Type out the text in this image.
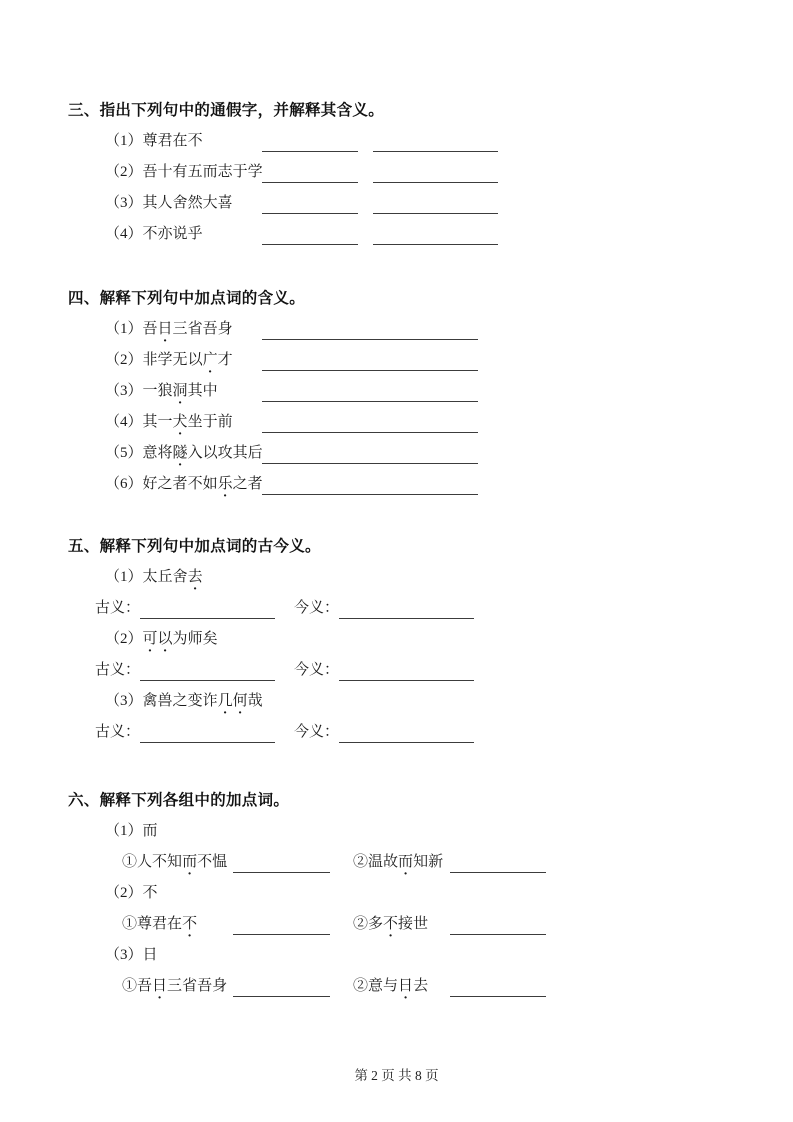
三、指出下列句中的通假字，并解释其含义。
（1）尊君在不
（2）吾十有五而志于学
（3）其人舍然大喜
（4）不亦说乎
四、解释下列句中加点词的含义。
（1）吾日三省吾身
（2）非学无以广才
（3）一狼洞其中
（4）其一犬坐于前
（5）意将隧入以攻其后
（6）好之者不如乐之者
五、解释下列句中加点词的古今义。
（1）太丘舍去
古义：	今义：
（2）可以为师矣
古义：	今义：
（3）禽兽之变诈几何哉
古义：	今义：
六、解释下列各组中的加点词。
（1）而
①人不知而不愠	②温故而知新
（2）不
①尊君在不	②多不接世
（3）日
①吾日三省吾身	②意与日去
第 2 页 共 8 页
